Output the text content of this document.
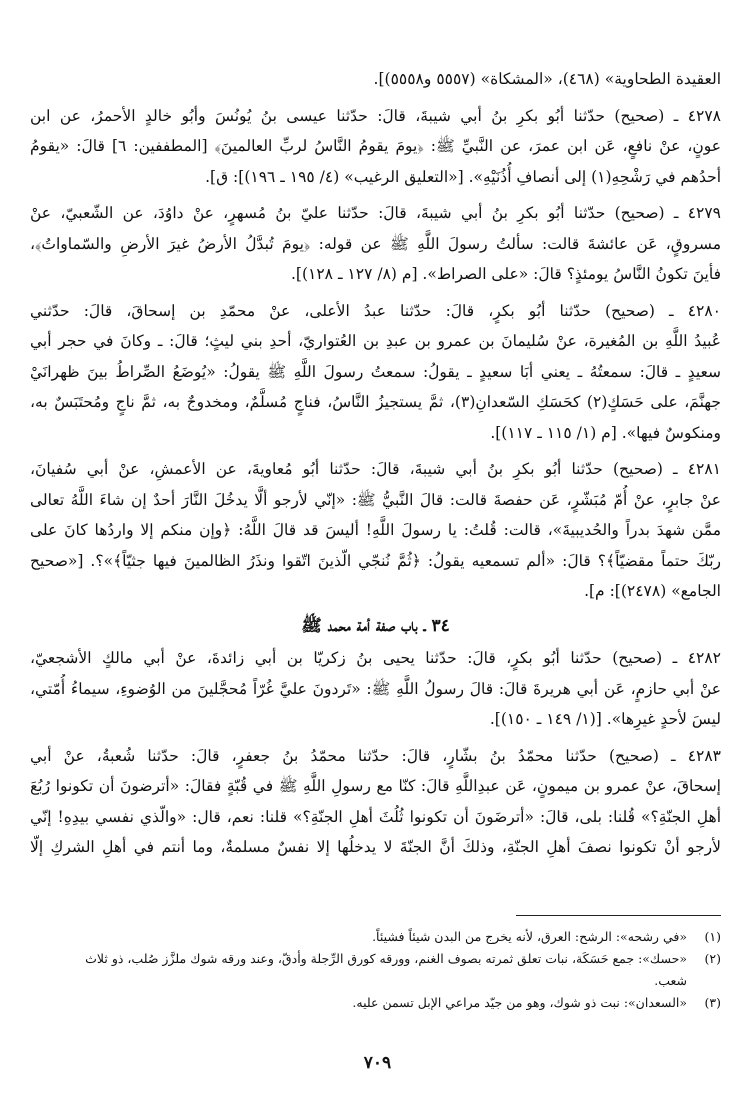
العقيدة الطحاوية» (٤٦٨)، «المشكاة» (٥٥٥٧ و٥٥٥٨)].
٤٢٧٨ ـ (صحيح) حدّثنا أبُو بكرِ بنُ أبي شيبةَ، قالَ: حدّثنا عيسى بنُ يُونُسَ وأبُو خالدٍ الأحمرُ، عن ابن
عونٍ، عنْ نافعٍ، عَن ابن عمرَ، عن النَّبيِّ ﷺ: ﴿يومَ يقومُ النَّاسُ لربِّ العالمينَ﴾ [المطففين: ٦] قالَ: «يقومُ
أحدُهم في رَشْحِهِ(١) إلى أنصافِ أُذُنَيْهِ». [«التعليق الرغيب» (٤/ ١٩٥ ـ ١٩٦)]: ق].
٤٢٧٩ ـ (صحيح) حدّثنا أبُو بكرِ بنُ أبي شيبةَ، قالَ: حدّثنا عليّ بنُ مُسهرٍ، عنْ داوُدَ، عن الشّعبيّ، عنْ
مسروقٍ، عَن عائشةَ قالت: سألتُ رسولَ اللَّهِ ﷺ عن قوله: ﴿يومَ تُبدَّلُ الأرضُ غيرَ الأرضِ والسّماواتُ﴾،
فأينَ تكونُ النَّاسُ يومئذٍ؟ قالَ: «على الصراط». [م (٨/ ١٢٧ ـ ١٢٨)].
٤٢٨٠ ـ (صحيح) حدّثنا أبُو بكرٍ، قالَ: حدّثنا عبدُ الأعلى، عنْ محمّدِ بن إسحاقَ، قالَ: حدّثني
عُبيدُ اللَّهِ بن المُغيرة، عنْ سُليمانَ بن عمرو بن عبدِ بن العُتواريّ، أحدِ بني ليثٍ؛ قالَ: ـ وكانَ في حجر أبي
سعيدٍ ـ قالَ: سمعتُهُ ـ يعني أبَا سعيدٍ ـ يقولُ: سمعتُ رسولَ اللَّهِ ﷺ يقولُ: «يُوضَعُ الصِّراطُ بينَ ظهرانَيْ
جهنَّمَ، على حَسَكٍ(٢) كحَسَكِ السّعدانِ(٣)، ثمَّ يستجيزُ النَّاسُ، فناجٍ مُسلَّمٌ، ومخدوجٌ به، ثمَّ ناجٍ ومُحتَبَسٌ به،
ومنكوسٌ فيها». [م (١/ ١١٥ ـ ١١٧)].
٤٢٨١ ـ (صحيح) حدّثنا أبُو بكرِ بنُ أبي شيبةَ، قالَ: حدّثنا أبُو مُعاويةَ، عن الأعمشِ، عنْ أبي سُفيانَ،
عنْ جابرٍ، عنْ أُمّ مُبَشّرٍ، عَن حفصةَ قالت: قالَ النَّبيُّ ﷺ: «إنّي لأرجو ألَّا يدخُلَ النَّارَ أحدٌ إن شاءَ اللَّهُ تعالى
ممَّن شهدَ بدراً والحُديبيةَ»، قالت: قُلتُ: يا رسولَ اللَّهِ! أليسَ قد قالَ اللَّهُ: ﴿وإن منكم إلا واردُها كانَ على
ربّكَ حتماً مقضيّاً﴾؟ قالَ: «ألم تسمعيه يقولُ: ﴿ثُمَّ نُنجّي الّذينَ اتّقوا ونذَرُ الظالمينَ فيها جثيّاً﴾»؟. [«صحيح
الجامع» (٢٤٧٨)]: م].
٣٤ ـ باب صفة أمة محمد ﷺ
٤٢٨٢ ـ (صحيح) حدّثنا أبُو بكرٍ، قالَ: حدّثنا يحيى بنُ زكريّا بن أبي زائدةَ، عنْ أبي مالكٍ الأشجعيّ،
عنْ أبي حازمٍ، عَن أبي هريرةَ قالَ: قالَ رسولُ اللَّهِ ﷺ: «تَردونَ عليَّ غُرّاً مُحجَّلينَ من الوُضوءِ، سيماءُ أُمّتي،
ليسَ لأحدٍ غيرِها». [(١/ ١٤٩ ـ ١٥٠)].
٤٢٨٣ ـ (صحيح) حدّثنا محمّدُ بنُ بشّارٍ، قالَ: حدّثنا محمّدُ بنُ جعفرٍ، قالَ: حدّثنا شُعبةُ، عنْ أبي
إسحاقَ، عنْ عمرو بن ميمونٍ، عَن عبدِاللَّهِ قالَ: كنّا مع رسولِ اللَّهِ ﷺ في قُبّةٍ فقالَ: «أترضونَ أن تكونوا رُبُعَ
أهلِ الجنّةِ؟» قُلنا: بلى، قالَ: «أترضَونَ أن تكونوا ثُلُثَ أهلِ الجنّةِ؟» قلنا: نعم، قال: «والّذي نفسي بيدِهِ! إنّي
لأرجو أنْ تكونوا نصفَ أهلِ الجنّةِ، وذلكَ أنَّ الجنّةَ لا يدخلُها إلا نفسٌ مسلمةٌ، وما أنتم في أهلِ الشركِ إلّا
(١)«في رشحه»: الرشح: العرق، لأنه يخرج من البدن شيئاً فشيئاً.
(٢)«حسك»: جمع حَسَكَة، نبات تعلق ثمرته بصوف الغنم، وورقه كورق الرِّجلة وأدقّ، وعند ورقه شوك ملزَّز صُلب، ذو ثلاث
شعب.
(٣)«السعدان»: نبت ذو شوك، وهو من جيّد مراعي الإبل تسمن عليه.
٧٠٩
